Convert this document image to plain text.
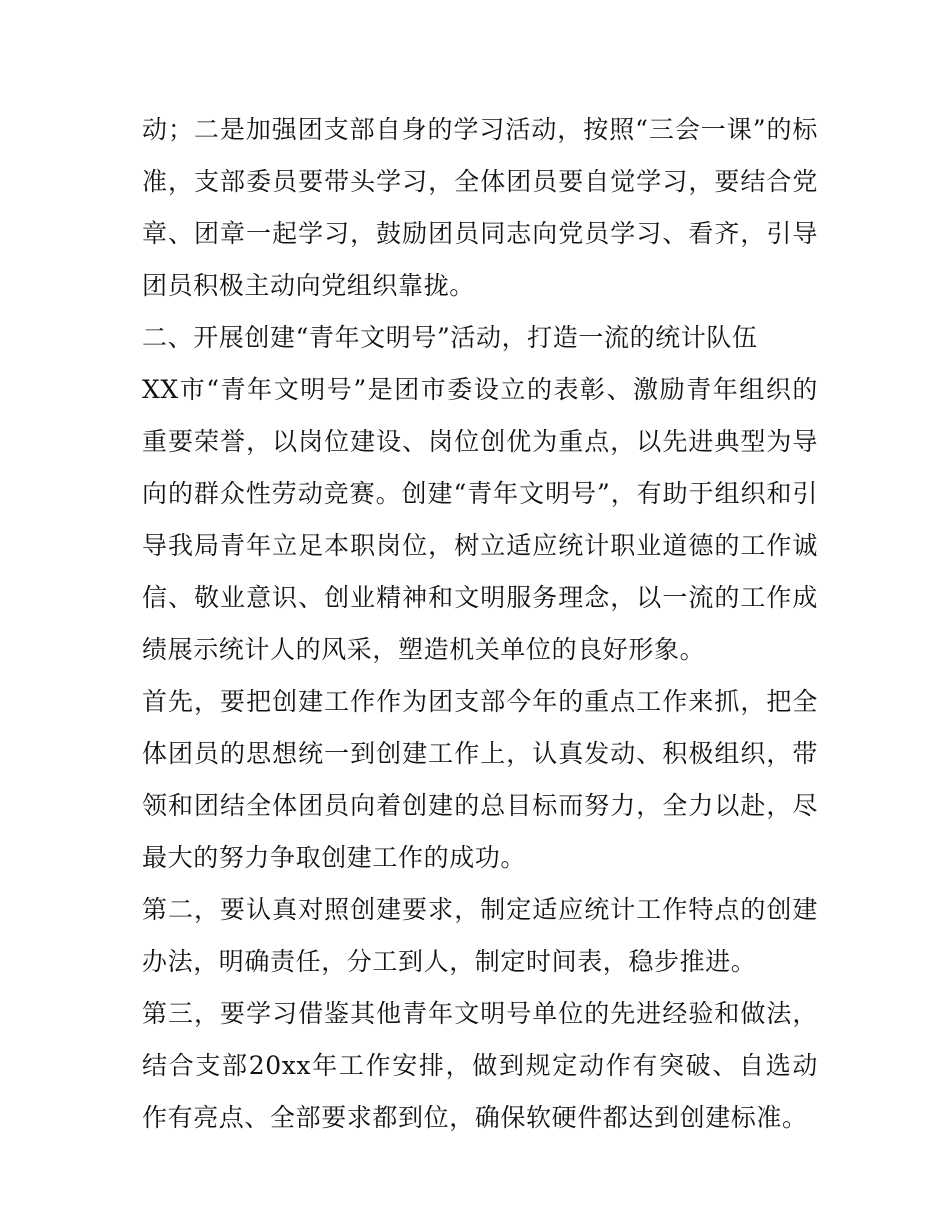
动；二是加强团支部自身的学习活动，按照“三会一课”的标准，支部委员要带头学习，全体团员要自觉学习，要结合党章、团章一起学习，鼓励团员同志向党员学习、看齐，引导团员积极主动向党组织靠拢。

二、开展创建“青年文明号”活动，打造一流的统计队伍

XX市“青年文明号”是团市委设立的表彰、激励青年组织的重要荣誉，以岗位建设、岗位创优为重点，以先进典型为导向的群众性劳动竞赛。创建“青年文明号”，有助于组织和引导我局青年立足本职岗位，树立适应统计职业道德的工作诚信、敬业意识、创业精神和文明服务理念，以一流的工作成绩展示统计人的风采，塑造机关单位的良好形象。

首先，要把创建工作作为团支部今年的重点工作来抓，把全体团员的思想统一到创建工作上，认真发动、积极组织，带领和团结全体团员向着创建的总目标而努力，全力以赴，尽最大的努力争取创建工作的成功。

第二，要认真对照创建要求，制定适应统计工作特点的创建办法，明确责任，分工到人，制定时间表，稳步推进。

第三，要学习借鉴其他青年文明号单位的先进经验和做法，结合支部20xx年工作安排，做到规定动作有突破、自选动作有亮点、全部要求都到位，确保软硬件都达到创建标准。
